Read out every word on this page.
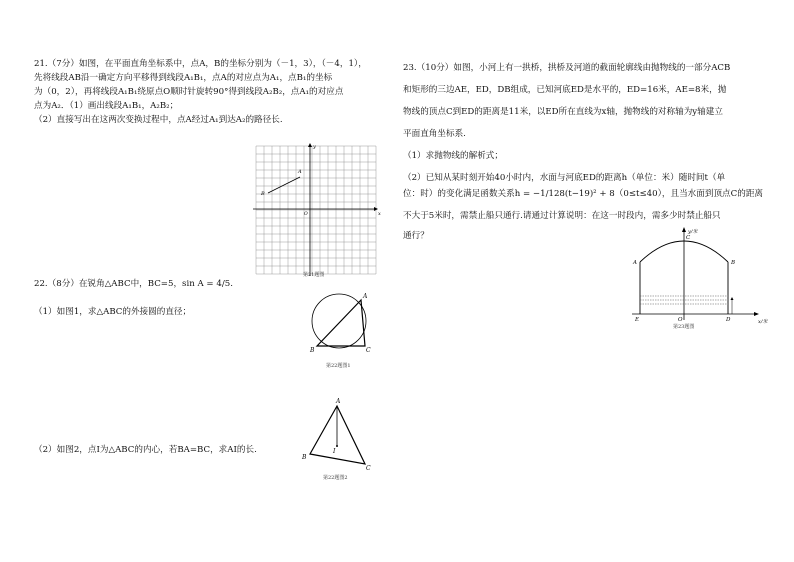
21.（7分）如图，在平面直角坐标系中，点A，B的坐标分别为（－1，3），（－4，1），
先将线段AB沿一确定方向平移得到线段A₁B₁，点A的对应点为A₁，点B₁的坐标
为（0，2），再将线段A₁B₁绕原点O顺时针旋转90°得到线段A₂B₂，点A₁的对应点
点为A₂．（1）画出线段A₁B₁，A₂B₂；
（2）直接写出在这两次变换过程中，点A经过A₁到达A₂的路径长.
x
y
O
A
B
第21题图
22.（8分）在锐角△ABC中，BC=5，sin A = 4/5.
（1）如图1，求△ABC的外接圆的直径；
（2）如图2，点I为△ABC的内心，若BA=BC，求AI的长.
A
B	C
第22题图1
A
B
C
I
第22题图2
23.（10分）如图，小河上有一拱桥，拱桥及河道的截面轮廓线由抛物线的一部分ACB
和矩形的三边AE，ED，DB组成，已知河底ED是水平的，ED=16米，AE=8米，抛
物线的顶点C到ED的距离是11米，以ED所在直线为x轴，抛物线的对称轴为y轴建立
平面直角坐标系.
（1）求抛物线的解析式；
（2）已知从某时刻开始40小时内，水面与河底ED的距离h（单位：米）随时间t（单
位：时）的变化满足函数关系h = −1/128(t−19)² + 8（0≤t≤40），且当水面到顶点C的距离
不大于5米时，需禁止船只通行.请通过计算说明：在这一时段内，需多少时禁止船只
通行？	y/米
x/米
A	B
C
E	D
O
第23题图
